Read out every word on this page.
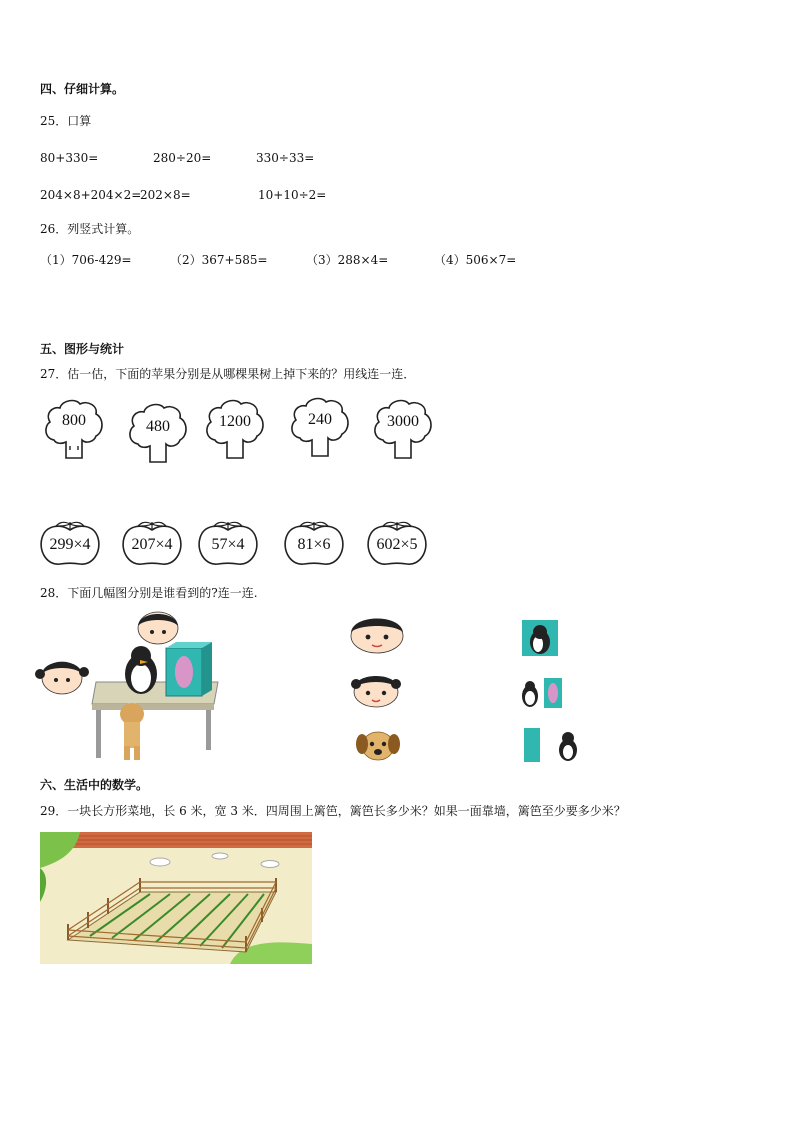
四、仔细计算。
25．口算
80+330=	280÷20=	330÷33=
204×8+204×2=
202×8=	10+10÷2=
26．列竖式计算。
（1）706-429=	（2）367+585=	（3）288×4=	（4）506×7=
五、图形与统计
27．估一估，下面的苹果分别是从哪棵果树上掉下来的？用线连一连．
800	480	1200	240	3000
299×4	207×4	57×4	81×6	602×5
28．下面几幅图分别是谁看到的?连一连.
六、生活中的数学。
29．一块长方形菜地，长 6 米，宽 3 米．四周围上篱笆，篱笆长多少米？如果一面靠墙，篱笆至少要多少米？
